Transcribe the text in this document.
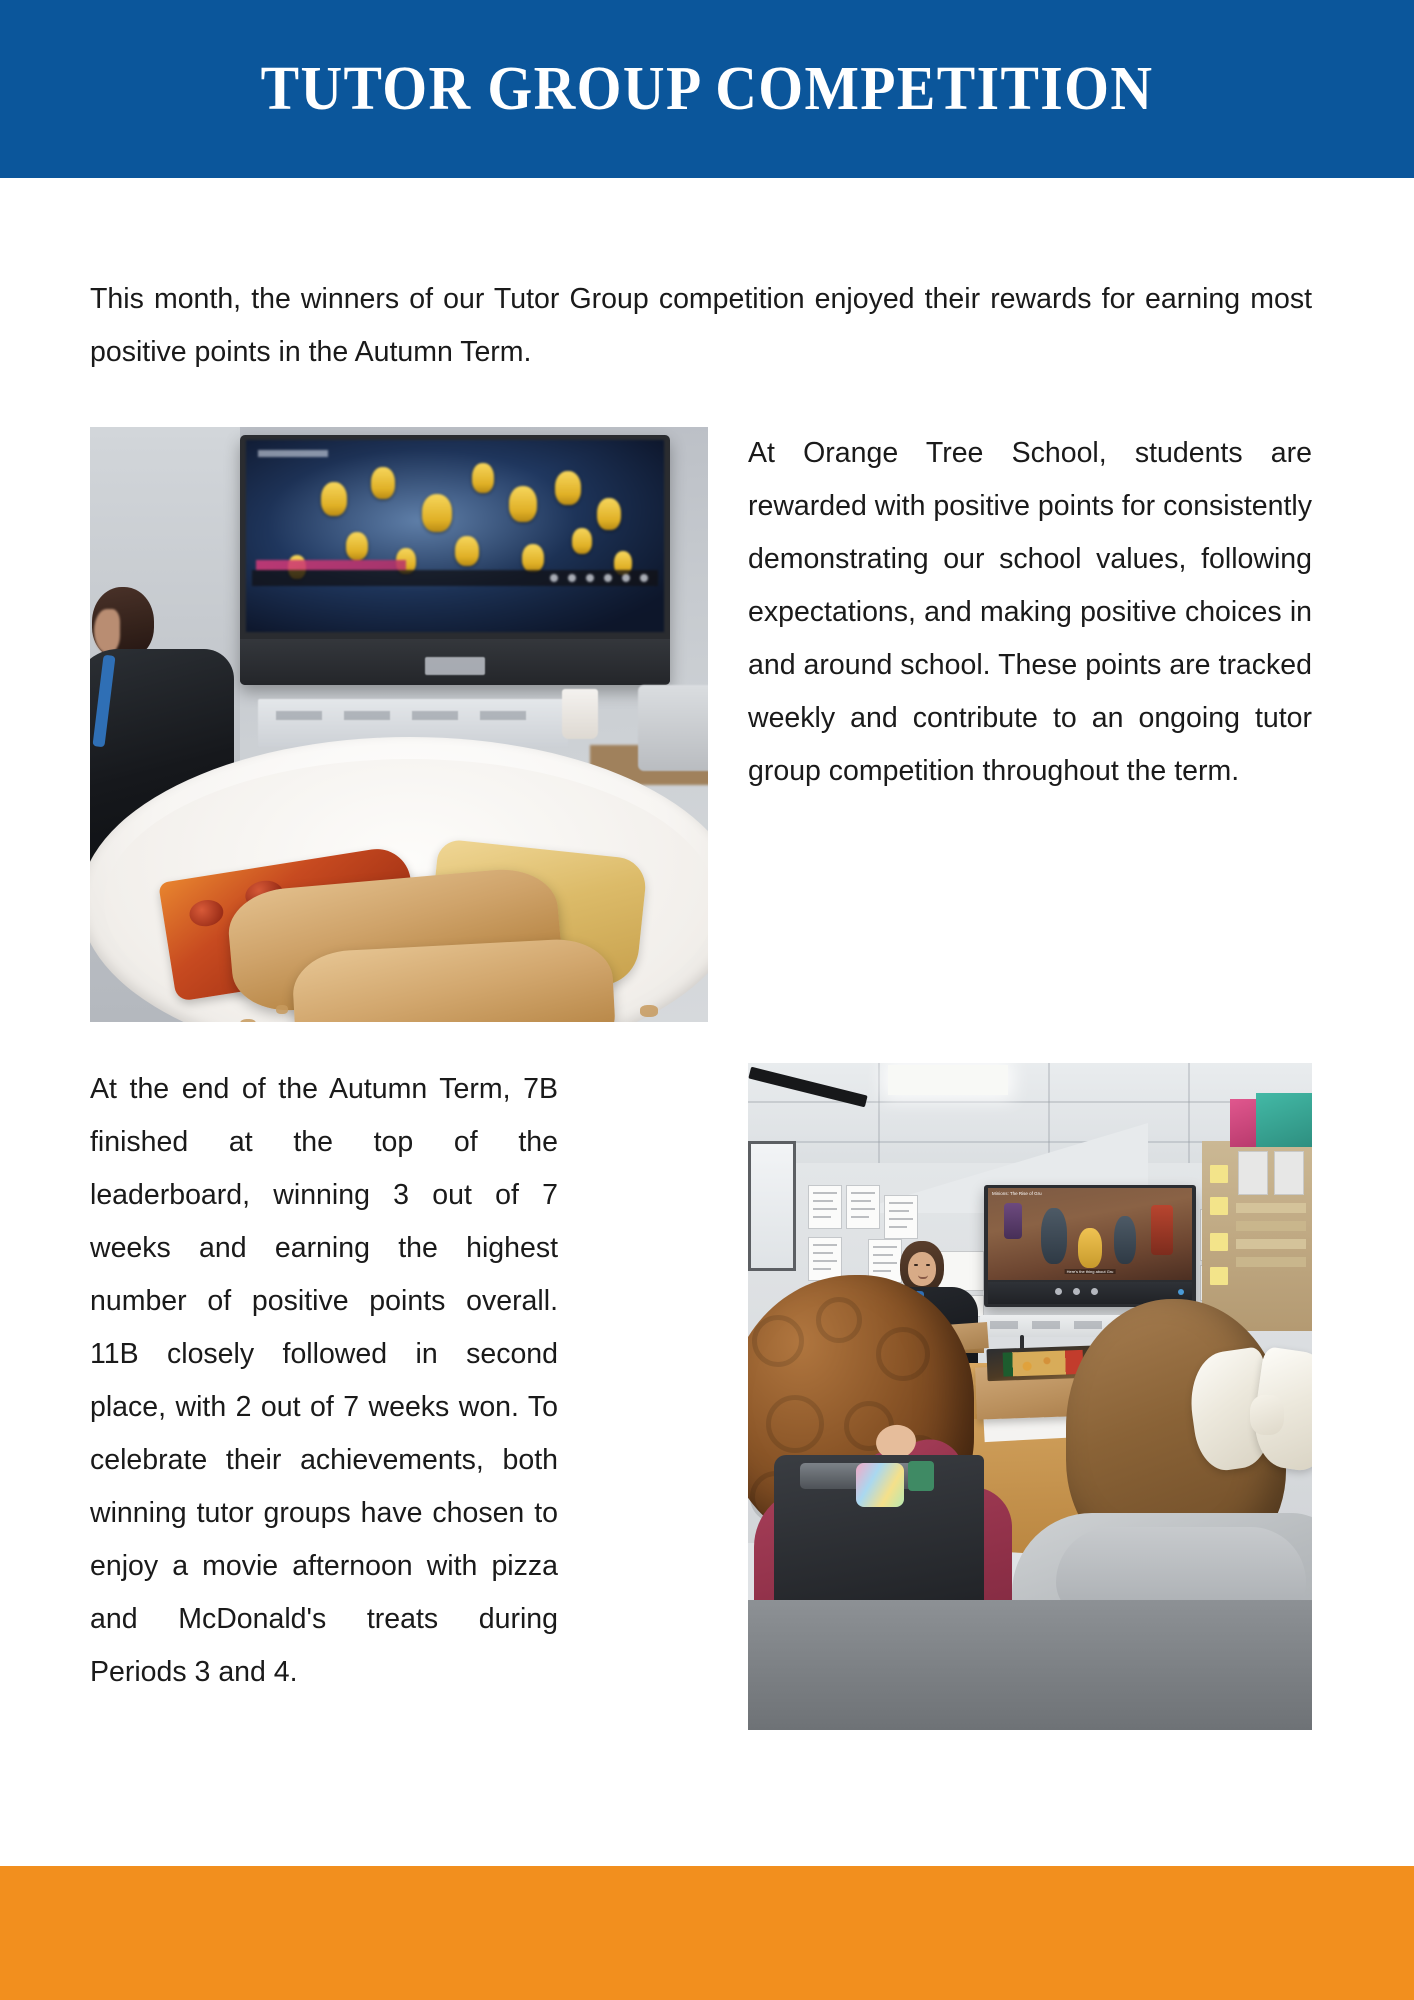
TUTOR GROUP COMPETITION

This month, the winners of our Tutor Group competition enjoyed their rewards for earning most positive points in the Autumn Term.

At Orange Tree School, students are rewarded with positive points for consistently demonstrating our school values, following expectations, and making positive choices in and around school. These points are tracked weekly and contribute to an ongoing tutor group competition throughout the term.

At the end of the Autumn Term, 7B finished at the top of the leaderboard, winning 3 out of 7 weeks and earning the highest number of positive points overall. 11B closely followed in second place, with 2 out of 7 weeks won. To celebrate their achievements, both winning tutor groups have chosen to enjoy a movie afternoon with pizza and McDonald's treats during Periods 3 and 4.

Minions: The Rise of Gru
Here's the thing about Gru
